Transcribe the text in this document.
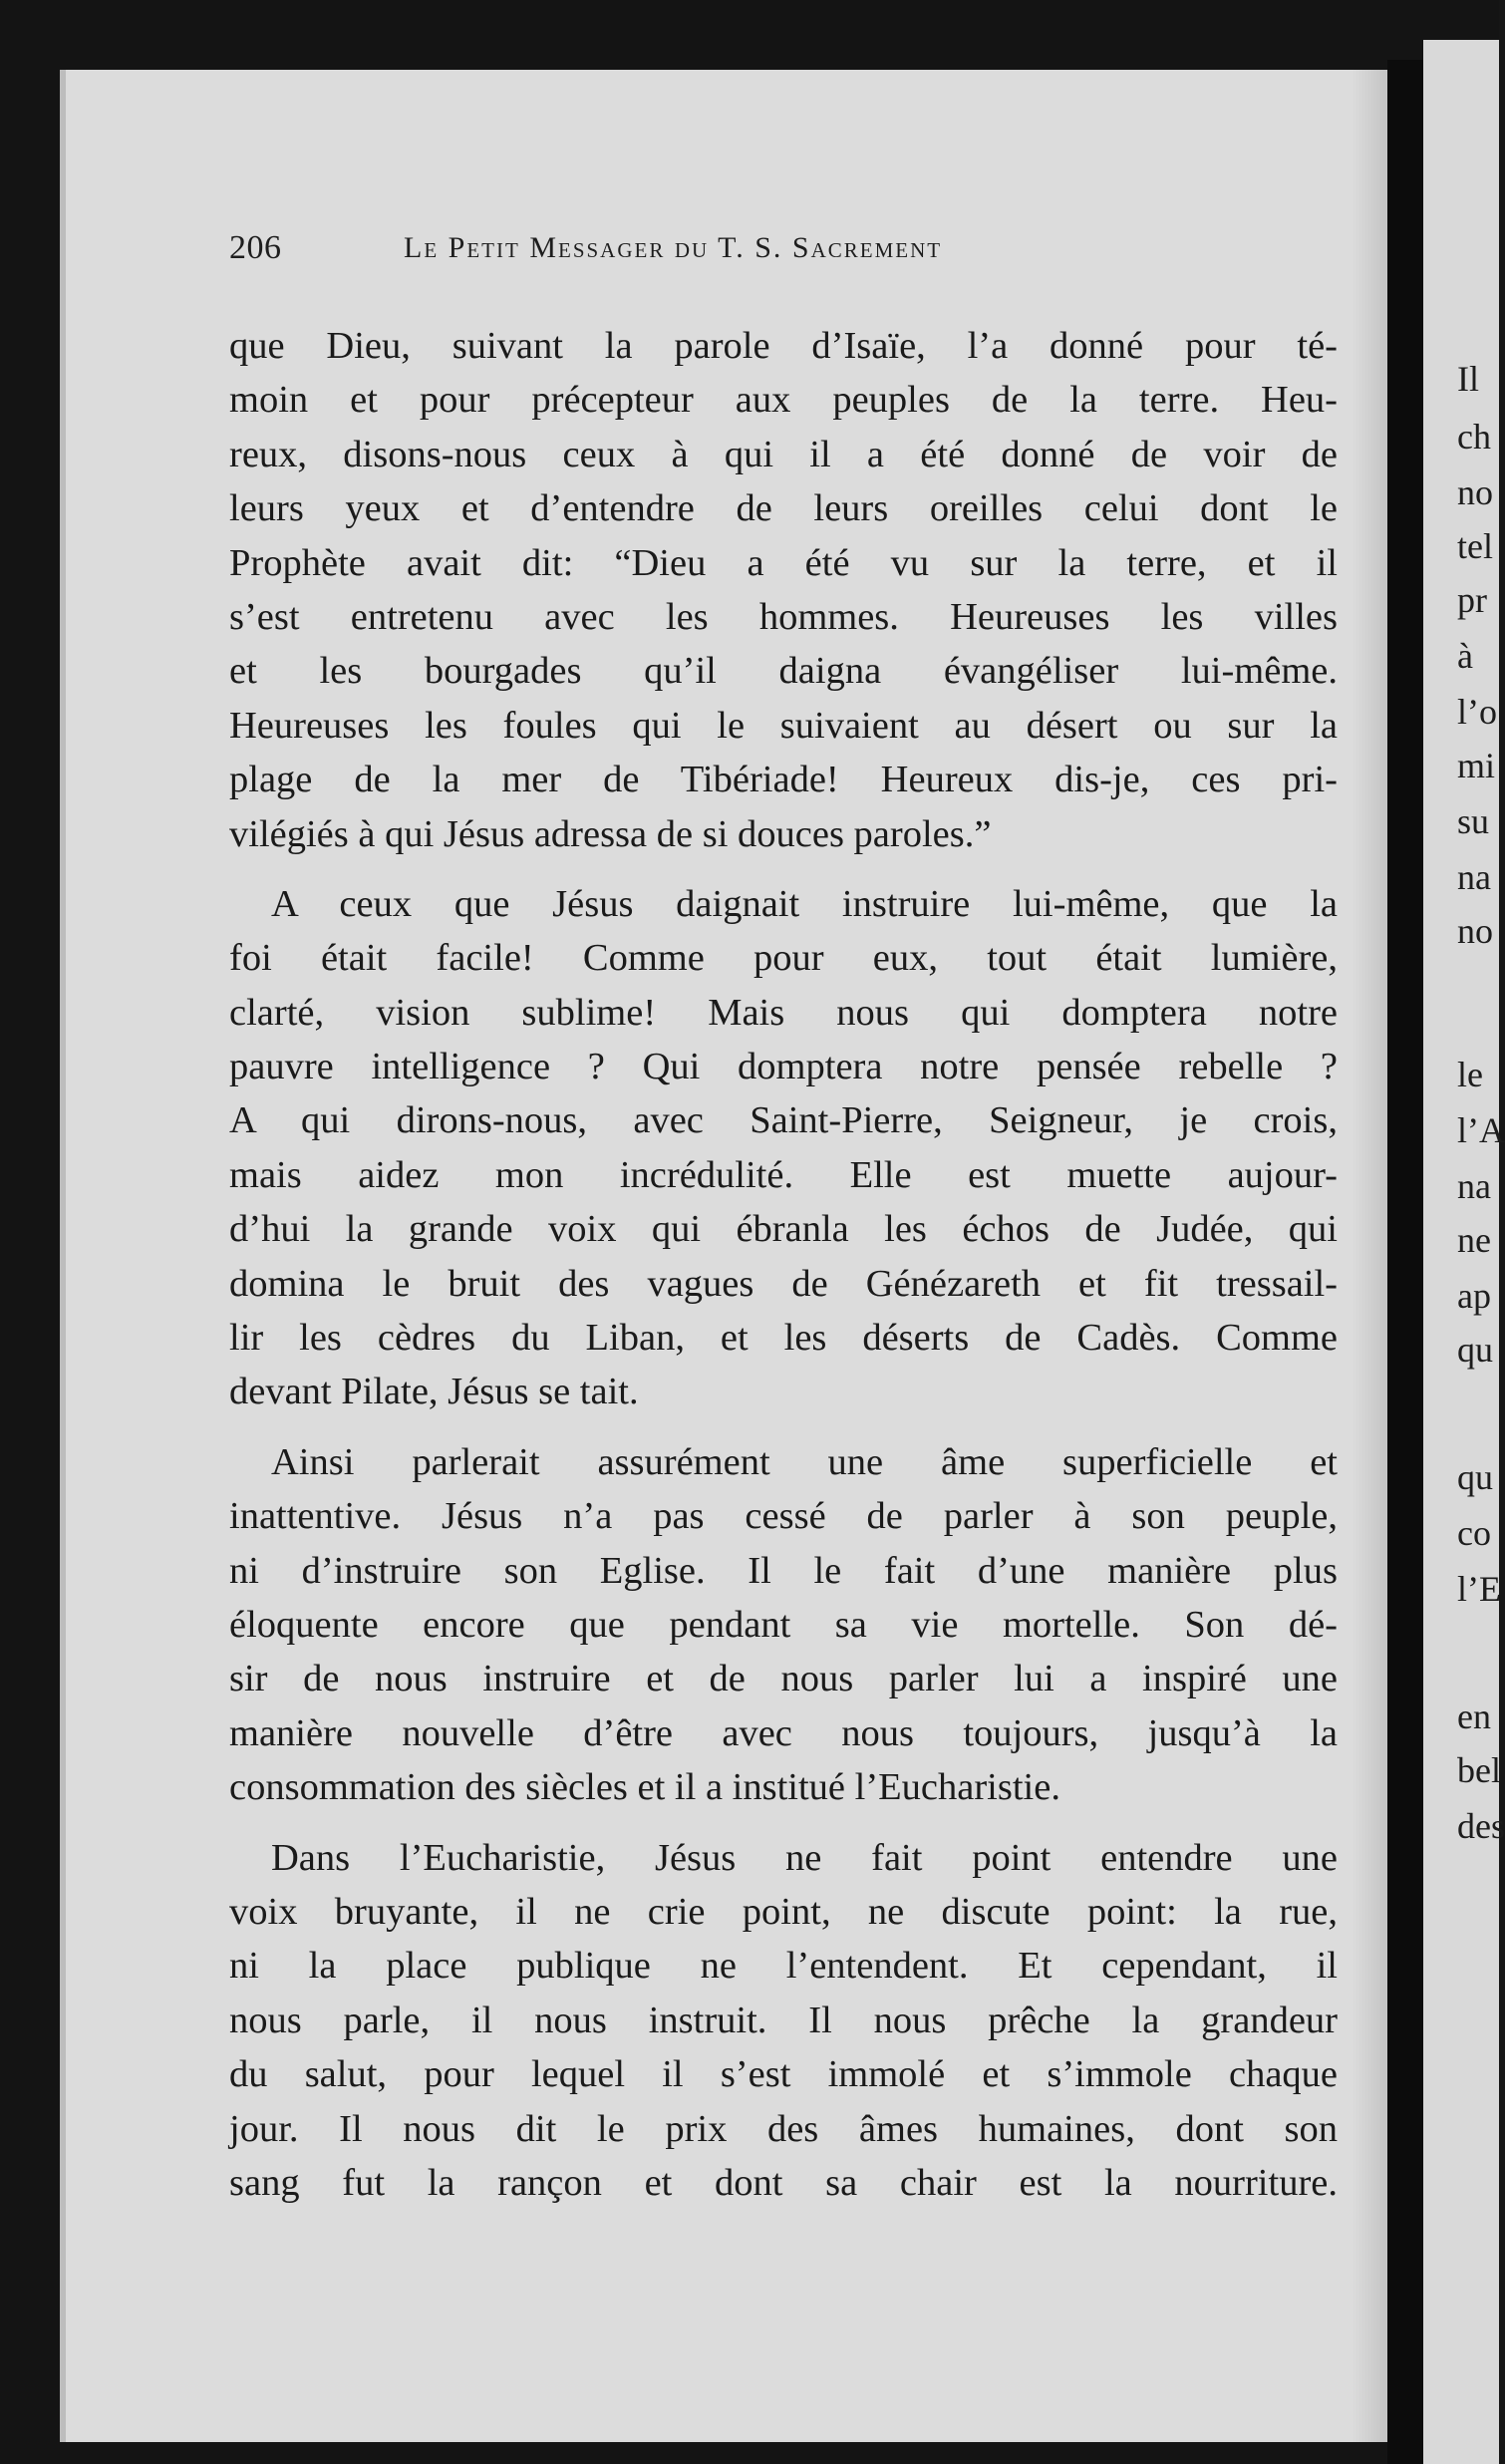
Il
ch
no
tel
pr
à
l’o
mi
su
na
no
le
l’A
na
ne
ap
qu
qu
co
l’E
en
bel
des
206	Le Petit Messager du T. S. Sacrement

que Dieu, suivant la parole d’Isaïe, l’a donné pour té-
moin et pour précepteur aux peuples de la terre. Heu-
reux, disons-nous ceux à qui il a été donné de voir de
leurs yeux et d’entendre de leurs oreilles celui dont le
Prophète avait dit: “Dieu a été vu sur la terre, et il
s’est entretenu avec les hommes. Heureuses les villes
et les bourgades qu’il daigna évangéliser lui-même.
Heureuses les foules qui le suivaient au désert ou sur la
plage de la mer de Tibériade! Heureux dis-je, ces pri-
vilégiés à qui Jésus adressa de si douces paroles.”

A ceux que Jésus daignait instruire lui-même, que la
foi était facile! Comme pour eux, tout était lumière,
clarté, vision sublime! Mais nous qui domptera notre
pauvre intelligence ? Qui domptera notre pensée rebelle ?
A qui dirons-nous, avec Saint-Pierre, Seigneur, je crois,
mais aidez mon incrédulité. Elle est muette aujour-
d’hui la grande voix qui ébranla les échos de Judée, qui
domina le bruit des vagues de Génézareth et fit tressail-
lir les cèdres du Liban, et les déserts de Cadès. Comme
devant Pilate, Jésus se tait.

Ainsi parlerait assurément une âme superficielle et
inattentive. Jésus n’a pas cessé de parler à son peuple,
ni d’instruire son Eglise. Il le fait d’une manière plus
éloquente encore que pendant sa vie mortelle. Son dé-
sir de nous instruire et de nous parler lui a inspiré une
manière nouvelle d’être avec nous toujours, jusqu’à la
consommation des siècles et il a institué l’Eucharistie.

Dans l’Eucharistie, Jésus ne fait point entendre une
voix bruyante, il ne crie point, ne discute point: la rue,
ni la place publique ne l’entendent. Et cependant, il
nous parle, il nous instruit. Il nous prêche la grandeur
du salut, pour lequel il s’est immolé et s’immole chaque
jour. Il nous dit le prix des âmes humaines, dont son
sang fut la rançon et dont sa chair est la nourriture.
